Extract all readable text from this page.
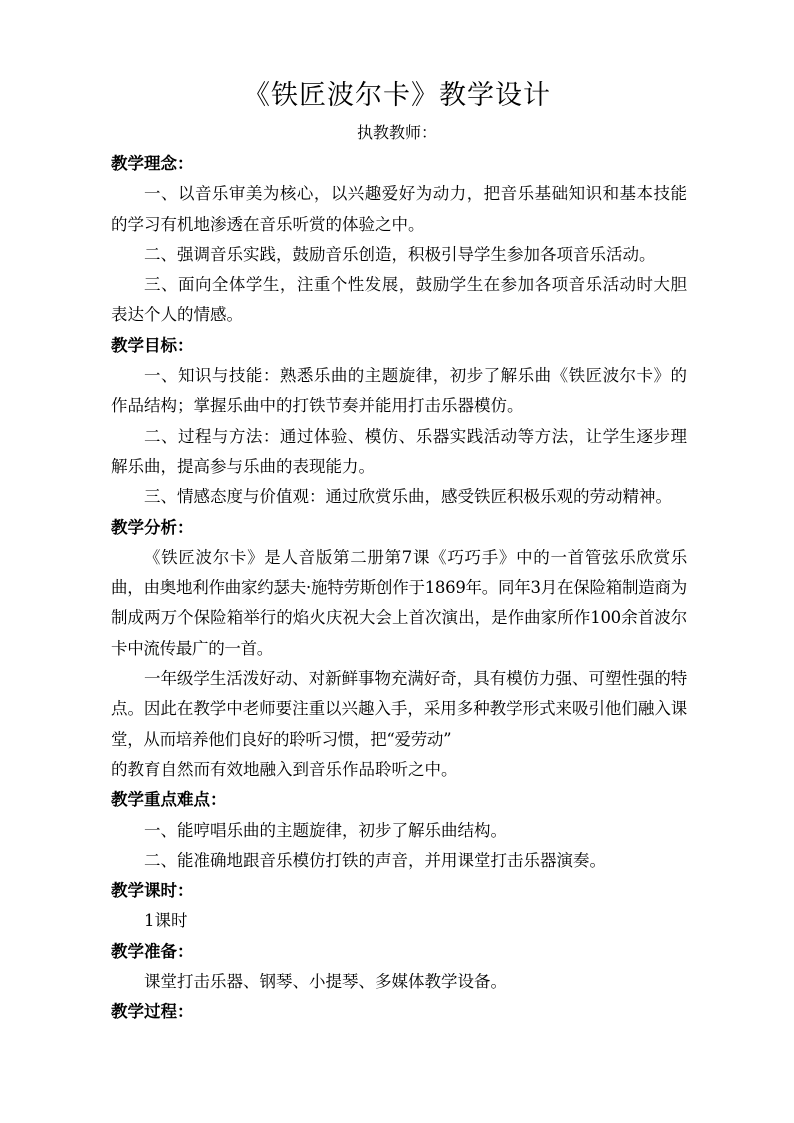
《铁匠波尔卡》教学设计
执教教师：
教学理念：
一、以音乐审美为核心，以兴趣爱好为动力，把音乐基础知识和基本技能的学习有机地渗透在音乐听赏的体验之中。
二、强调音乐实践，鼓励音乐创造，积极引导学生参加各项音乐活动。
三、面向全体学生，注重个性发展，鼓励学生在参加各项音乐活动时大胆表达个人的情感。
教学目标：
一、知识与技能：熟悉乐曲的主题旋律，初步了解乐曲《铁匠波尔卡》的作品结构；掌握乐曲中的打铁节奏并能用打击乐器模仿。
二、过程与方法：通过体验、模仿、乐器实践活动等方法，让学生逐步理解乐曲，提高参与乐曲的表现能力。
三、情感态度与价值观：通过欣赏乐曲，感受铁匠积极乐观的劳动精神。
教学分析：
《铁匠波尔卡》是人音版第二册第7课《巧巧手》中的一首管弦乐欣赏乐曲，由奥地利作曲家约瑟夫·施特劳斯创作于1869年。同年3月在保险箱制造商为制成两万个保险箱举行的焰火庆祝大会上首次演出，是作曲家所作100余首波尔卡中流传最广的一首。
一年级学生活泼好动、对新鲜事物充满好奇，具有模仿力强、可塑性强的特点。因此在教学中老师要注重以兴趣入手，采用多种教学形式来吸引他们融入课堂，从而培养他们良好的聆听习惯，把“爱劳动”
的教育自然而有效地融入到音乐作品聆听之中。
教学重点难点：
一、能哼唱乐曲的主题旋律，初步了解乐曲结构。
二、能准确地跟音乐模仿打铁的声音，并用课堂打击乐器演奏。
教学课时：
1课时
教学准备：
课堂打击乐器、钢琴、小提琴、多媒体教学设备。
教学过程：
